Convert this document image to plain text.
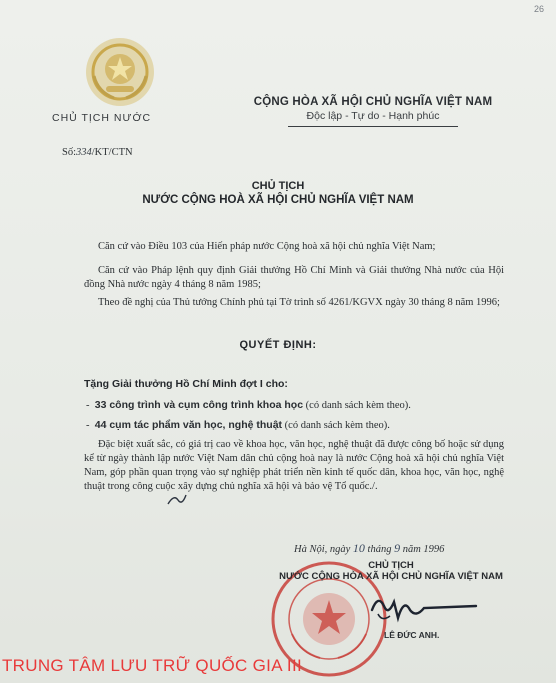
26
CHỦ TỊCH NƯỚC
Số:334/KT/CTN
CỘNG HÒA XÃ HỘI CHỦ NGHĨA VIỆT NAM
Độc lập - Tự do - Hạnh phúc
CHỦ TỊCH
NƯỚC CỘNG HOÀ XÃ HỘI CHỦ NGHĨA VIỆT NAM
Căn cứ vào Điều 103 của Hiến pháp nước Cộng hoà xã hội chủ nghĩa Việt Nam;
Căn cứ vào Pháp lệnh quy định Giải thưởng Hồ Chí Minh và Giải thưởng Nhà nước của Hội đồng Nhà nước ngày 4 tháng 8 năm 1985;
Theo đề nghị của Thủ tướng Chính phủ tại Tờ trình số 4261/KGVX ngày 30 tháng 8 năm 1996;
QUYẾT ĐỊNH:
Tặng Giải thưởng Hồ Chí Minh đợt I cho:
-  33 công trình và cụm công trình khoa học (có danh sách kèm theo).
-  44 cụm tác phẩm văn học, nghệ thuật (có danh sách kèm theo).
Đặc biệt xuất sắc, có giá trị cao về khoa học, văn học, nghệ thuật đã được công bố hoặc sử dụng kể từ ngày thành lập nước Việt Nam dân chủ cộng hoà nay là nước Cộng hoà xã hội chủ nghĩa Việt Nam, góp phần quan trọng vào sự nghiệp phát triển nền kinh tế quốc dân, khoa học, văn học, nghệ thuật trong công cuộc xây dựng chủ nghĩa xã hội và bảo vệ Tổ quốc./.
Hà Nội, ngày 10 tháng 9 năm 1996
CHỦ TỊCH
NƯỚC CỘNG HÒA XÃ HỘI CHỦ NGHĨA VIỆT NAM
LÊ ĐỨC ANH.
TRUNG TÂM LƯU TRỮ QUỐC GIA III
